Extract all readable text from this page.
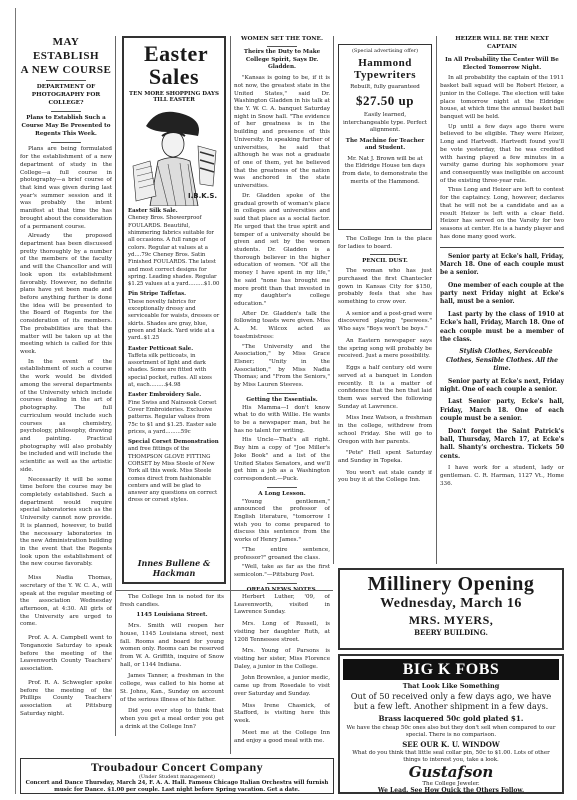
MAY ESTABLISH
A NEW COURSE
DEPARTMENT OF PHOTOGRAPHY FOR COLLEGE?
Plans to Establish Such a Course May Be Presented to Regents This Week.

Plans are being formulated for the establishment of a new department of study in the College—a full course in photography—a brief course of that kind was given during last year's summer session and it was probably the intent manifest at that time the has brought about the consideration of a permanent course.

Already the proposed department has been discussed pretty thoroughly by a number of the members of the faculty and will the Chancellor and will look upon its establishment favorably. However, no definite plans have yet been made and before anything further is done the idea will be presented to the Board of Regents for the consideration of its members. The probabilities are that the matter will be taken up at the meeting which is called for this week.

In the event of the establishment of such a course the work would be divided among the several departments of the University which include courses dealing in the art of photography. The full curriculum would include such courses as chemistry, psychology, philosophy, drawing and painting. Practical photography will also probably be included and will include the scientific as well as the artistic side.

Necessarily it will be some time before the course may be completely established. Such a department would require special laboratories such as the University cannot now provide. It is planned, however, to build the necessary laboratories in the new Administration building in the event that the Regents look upon the establishment of the new course favorably.

Miss Nadia Thomas, secretary of the Y. W. C. A., will speak at the regular meeting of the association Wednesday afternoon, at 4:30. All girls of the University are urged to come.

Prof. A. A. Campbell went to Tonganoxie Saturday to speak before the meeting of the Leavenworth County Teachers' association.

Prof. R. A. Schwegler spoke before the meeting of the Phillips County Teachers' association at Pittsburg Saturday night.

Easter Sales
TEN MORE SHOPPING DAYS TILL EASTER
I.B.K.S.
Easter Silk Sale.

Cheney Bros. Showerproof FOULARDS. Beautiful, shimmering fabrics suitable for all occasions. A full range of colors. Regular at values at a yd....79c Cheney Bros. Satin Finished FOULARDS. The latest and most correct designs for spring. Leading shades. Regular $1.25 values at a yard.........$1.00

Pin Stripe Taffetas.

These novelty fabrics for exceptionally dressy and serviceable for waists, dresses or skirts. Shades are gray, blue, green and black. Yard wide at a yard..$1.25

Easter Petticoat Sale.

Taffeta silk petticoats, in assortment of light and dark shades. Some are fitted with special pocket, rufles. All sizes at, each.........$4.98

Easter Embroidery Sale.

Fine Swiss and Nainsook Corset Cover Embroideries. Exclusive patterns. Regular values from 75c to $1 and $1.25. Easter sale prices, a yard.........59c

Special Corset Demonstration

and free fittings of the THOMPSON GLOVE FITTING CORSET by Miss Steele of New York all this week. Miss Steele comes direct from fashionable centers and will be glad to answer any questions on correct dress or corset styles.

Innes Bullene & Hackman
WOMEN SET THE TONE.
Theirs the Duty to Make College Spirit, Says Dr. Gladden.

"Kansas is going to be, if it is not now, the greatest state in the United States," said Dr. Washington Gladden in his talk at the Y. W. C. A. banquet Saturday night in Snow hall. "The evidence of her greatness is in the building and presence of this University. In speaking further of universities, he said that although he was not a graduate of one of them, yet he believed that the greatness of the nation was anchored in the state universities.

Dr. Gladden spoke of the gradual growth of woman's place in colleges and universities and said that place as a social factor. He urged that the true spirit and temper of a university should be given and set by the women students. Dr. Gladden is a thorough believer in the higher education of women. "Of all the money I have spent in my life," he said "none has brought me more profit than that invested in my daughter's college education."

After Dr. Gladden's talk the following toasts were given. Miss A. M. Wilcox acted as toastmistress:

"The University and the Association," by Miss Grace Elsner; "Unity in the Association," by Miss Nadia Thomas; and "From the Seniors," by Miss Lauren Steeves.

Getting the Essentials.

His Mamma—I don't know what to do with Willie. He wants to be a newspaper man, but he has no talent for writing.

His Uncle—That's all right. Buy him a copy of "Joe Miller's Joke Book" and a list of the United States Senators, and we'll get him a job as a Washington correspondent.—Puck.

A Long Lesson.

"Young gentlemen," announced the professor of English literature, "tomorrow I wish you to come prepared to discuss this sentence from the works of Henry James."

"The entire sentence, professor?" groaned the class.

"Well, take as far as the first semicolon."—Pittsburg Post.

(Special advertising offer)
Hammond
Typewriters
Rebuilt, fully guaranteed
$27.50 up
Easily learned, interchangeable type. Perfect alignment.
The Machine for Teacher and Student.
Mr. Nat J. Brown will be at the Eldridge House ten days from date, to demonstrate the merits of the Hammond.

The College Inn is the place for ladies to board.

PENCIL DUST.

The woman who has just purchased the first Chantecler gown in Kansas City for $150, probably feels that she has something to crow over.

A senior and a post-grad were discovered playing "peewees." Who says "Boys won't be boys."

An Eastern newspaper says the spring song will probably be received. Just a mere possibility.

Eggs a half century old were served at a banquet in London recently. It is a matter of confidence that the hen that laid them was served the following Sunday at Lawrence.

Miss Inez Watson, a freshman in the college, withdrew from school Friday. She will go to Oregon with her parents.

"Pete" Hell spent Saturday and Sunday in Topeka.

You won't eat stale candy if you buy it at the College Inn.

HEIZER WILL BE THE NEXT CAPTAIN
In All Probability the Center Will Be Elected Tomorrow Night.

In all probability the captain of the 1911 basket ball squad will be Robert Heizer, a junior in the College. The election will take place tomorrow night at the Eldridge house, at which time the annual basket ball banquet will be held.

Up until a few days ago there were believed to be eligible. They were Heizer, Long and Hartvedt. Hartvedt found you'll be vote yesterday, that he was credited with having played a few minutes in a varsity game during his sophomore year and consequently was ineligible on account of the existing three-year rule.

Thus Long and Heizer are left to contest for the captaincy. Long, however, declares that he will not be a candidate and as a result Heizer is left with a clear field. Heizer has served on the Varsity for two seasons at center. He is a handy player and has done many good work.

Senior party at Ecke's hall, Friday, March 18. One of each couple must be a senior.

One member of each couple at the party next Friday night at Ecke's hall, must be a senior.

Last party by the class of 1910 at Ecke's hall, Friday, March 18. One of each couple must be a member of the class.

Stylish Clothes, Serviceable Clothes, Sensible Clothes. All the time.

Senior party at Ecke's next, Friday night. One of each couple a senior.

Last Senior party, Ecke's hall, Friday, March 18. One of each couple must be a senior.

Don't forget the Saint Patrick's ball, Thursday, March 17, at Ecke's hall. Shanty's orchestra. Tickets 50 cents.

I have work for a student, lady or gentleman. C. R. Harman, 1127 Vt., Home 336.

Millinery Opening
Wednesday, March 16
MRS. MYERS,
BEERY BUILDING.
BIG K FOBS
That Look Like Something
Out of 50 received only a few days ago, we have but a few left. Another shipment in a few days.
Brass lacquered 50c gold plated $1.
We have the cheap 50c ones also but they don't sell when compared to our special. There is no comparison.
SEE OUR K. U. WINDOW
What do you think that little seal collar pin, 50c to $1.00. Lots of other things to interest you, take a look.
Gustafson
The College Jeweler.
We Lead. See How Quick the Others Follow.

The College Inn is noted for its fresh candies.

1145 Louisiana Street.

Mrs. Smith will reopen her house, 1145 Louisiana street, next fall. Rooms and board for young women only. Rooms can be reserved from W. A. Griffith, inquire of Snow hall, or 1144 Indiana.

James Tanner, a freshman in the college, was called to his home at St. Johns, Kan., Sunday on account of the serious illness of his father.

Did you ever stop to think that when you get a meal order you get a drink at the College Inn?

Herbert Luther, '09, of Leavenworth, visited in Lawrence Sunday.

Mrs. Long of Russell, is visiting her daughter Ruth, at 1208 Tennessee street.

Mrs. Young of Parsons is visiting her sister, Miss Florence Daley, a junior in the College.

John Brownlee, a junior medic, came up from Rosedale to visit over Saturday and Sunday.

Miss Irene Chasnick, of Stafford, is visiting here this week.

Meet me at the College Inn and enjoy a good meal with me.

Troubadour Concert Company
(Under Student management)
Concert and Dance Thursday, March 24, F. A. A. Hall. Famous Chicago Italian Orchestra will furnish music for Dance. $1.00 per couple. Last night before Spring vacation. Get a date.
